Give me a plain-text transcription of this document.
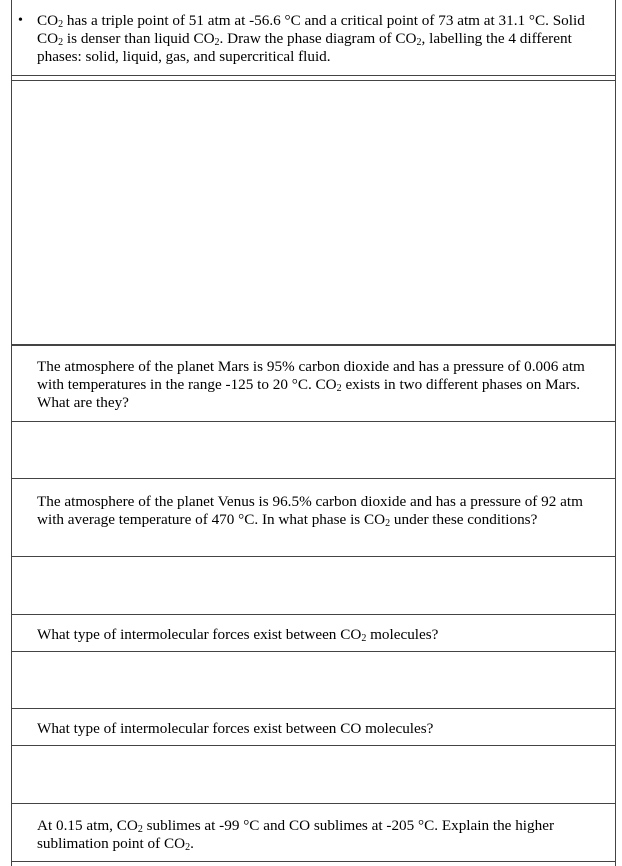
• $CO_2$ has a triple point of 51 atm at -56.6 °C and a critical point of 73 atm at 31.1 °C. Solid $CO_2$ is denser than liquid $CO_2$. Draw the phase diagram of $CO_2$, labelling the 4 different phases: solid, liquid, gas, and supercritical fluid.

The atmosphere of the planet Mars is 95% carbon dioxide and has a pressure of 0.006 atm with temperatures in the range -125 to 20 °C. $CO_2$ exists in two different phases on Mars. What are they?

The atmosphere of the planet Venus is 96.5% carbon dioxide and has a pressure of 92 atm with average temperature of 470 °C. In what phase is $CO_2$ under these conditions?

What type of intermolecular forces exist between $CO_2$ molecules?

What type of intermolecular forces exist between CO molecules?

At 0.15 atm, $CO_2$ sublimes at -99 °C and CO sublimes at -205 °C. Explain the higher sublimation point of $CO_2$.
